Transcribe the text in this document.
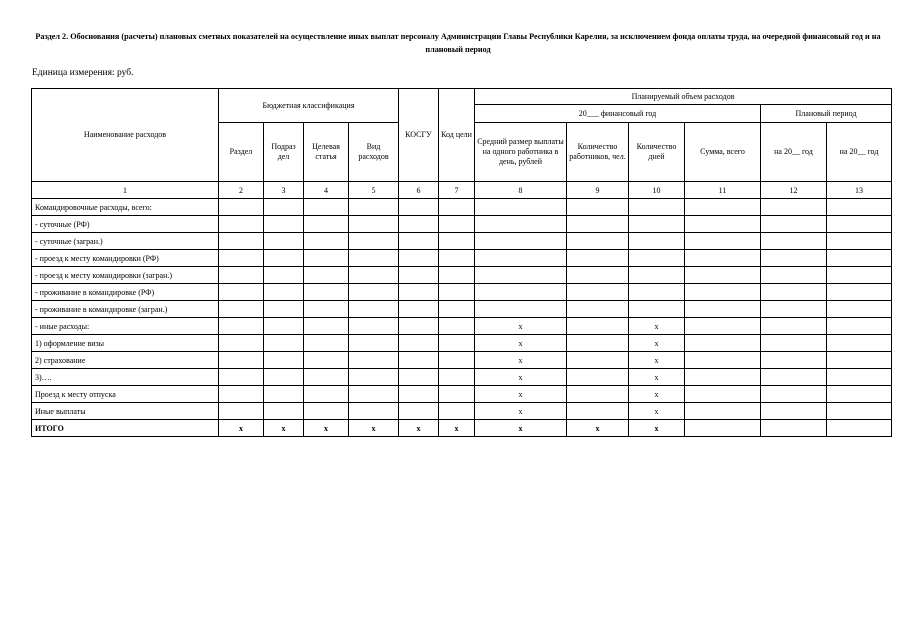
Раздел 2. Обоснования (расчеты) плановых сметных показателей на осуществление иных выплат персоналу Администрации Главы Республики Карелия, за исключением фонда оплаты труда, на очередной финансовый год и на плановый период
Единица измерения: руб.
Наименование расходов	Бюджетная классификация				КОСГУ	Код цели	Планируемый объем расходов					
							20___ финансовый год				Плановый период	
	Раздел	Подраз дел	Целевая статья	Вид расходов			Средний размер выплаты на одного работника в день, рублей	Количество работников, чел.	Количество дней	Сумма, всего	на 20__ год	на 20__ год
1	2	3	4	5	6	7	8	9	10	11	12	13
Командировочные расходы, всего:												
- суточные (РФ)												
- суточные (загран.)												
- проезд к месту командировки (РФ)												
- проезд к месту командировки (загран.)												
- проживание в командировке (РФ)												
- проживание в командировке (загран.)												
- иные расходы:							x		x			
1) оформление визы							x		x			
2) страхование							x		x			
3)….							x		x			
Проезд к месту отпуска							x		x			
Иные выплаты							x		x			
ИТОГО	x	x	x	x	x	x	x	x	x			
